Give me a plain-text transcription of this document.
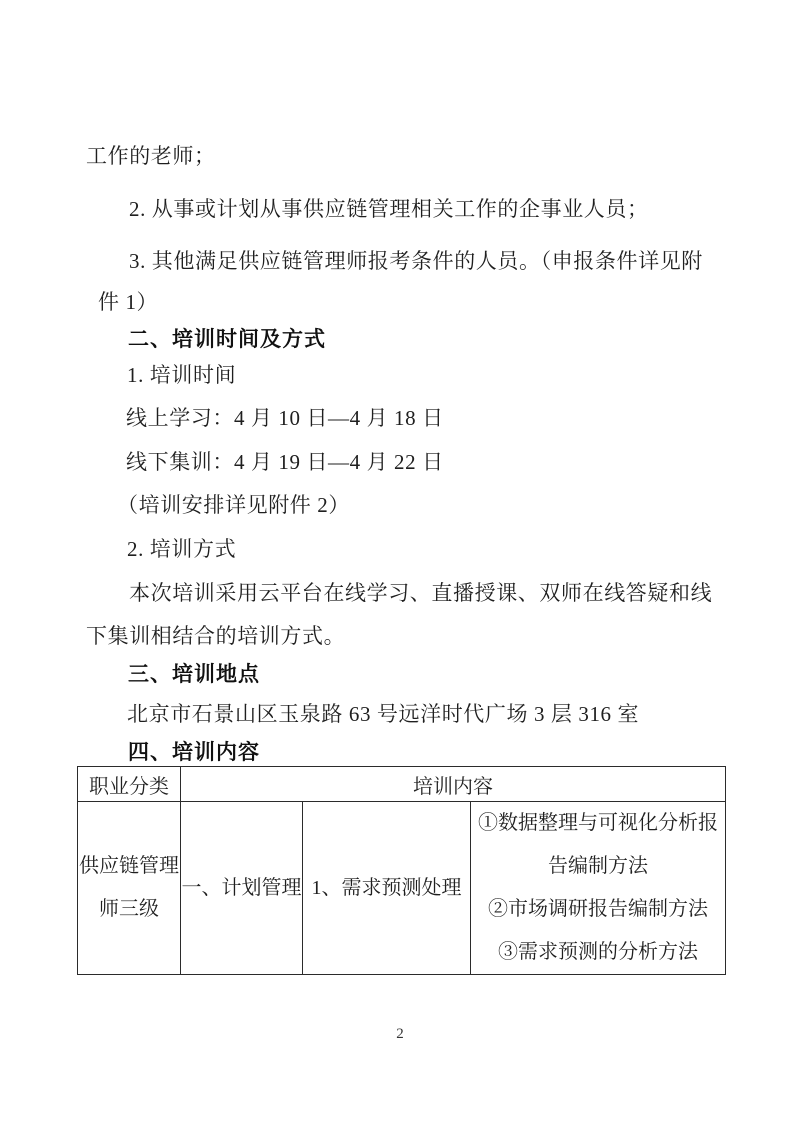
工作的老师；
2. 从事或计划从事供应链管理相关工作的企事业人员；
3. 其他满足供应链管理师报考条件的人员。（申报条件详见附
件 1）
二、培训时间及方式
1. 培训时间
线上学习：4 月 10 日—4 月 18 日
线下集训：4 月 19 日—4 月 22 日
（培训安排详见附件 2）
2. 培训方式
本次培训采用云平台在线学习、直播授课、双师在线答疑和线
下集训相结合的培训方式。
三、培训地点
北京市石景山区玉泉路 63 号远洋时代广场 3 层 316 室
四、培训内容
职业分类	培训内容		
供应链管理师三级	一、计划管理	1、需求预测处理	①数据整理与可视化分析报告编制方法
②市场调研报告编制方法
③需求预测的分析方法
2
